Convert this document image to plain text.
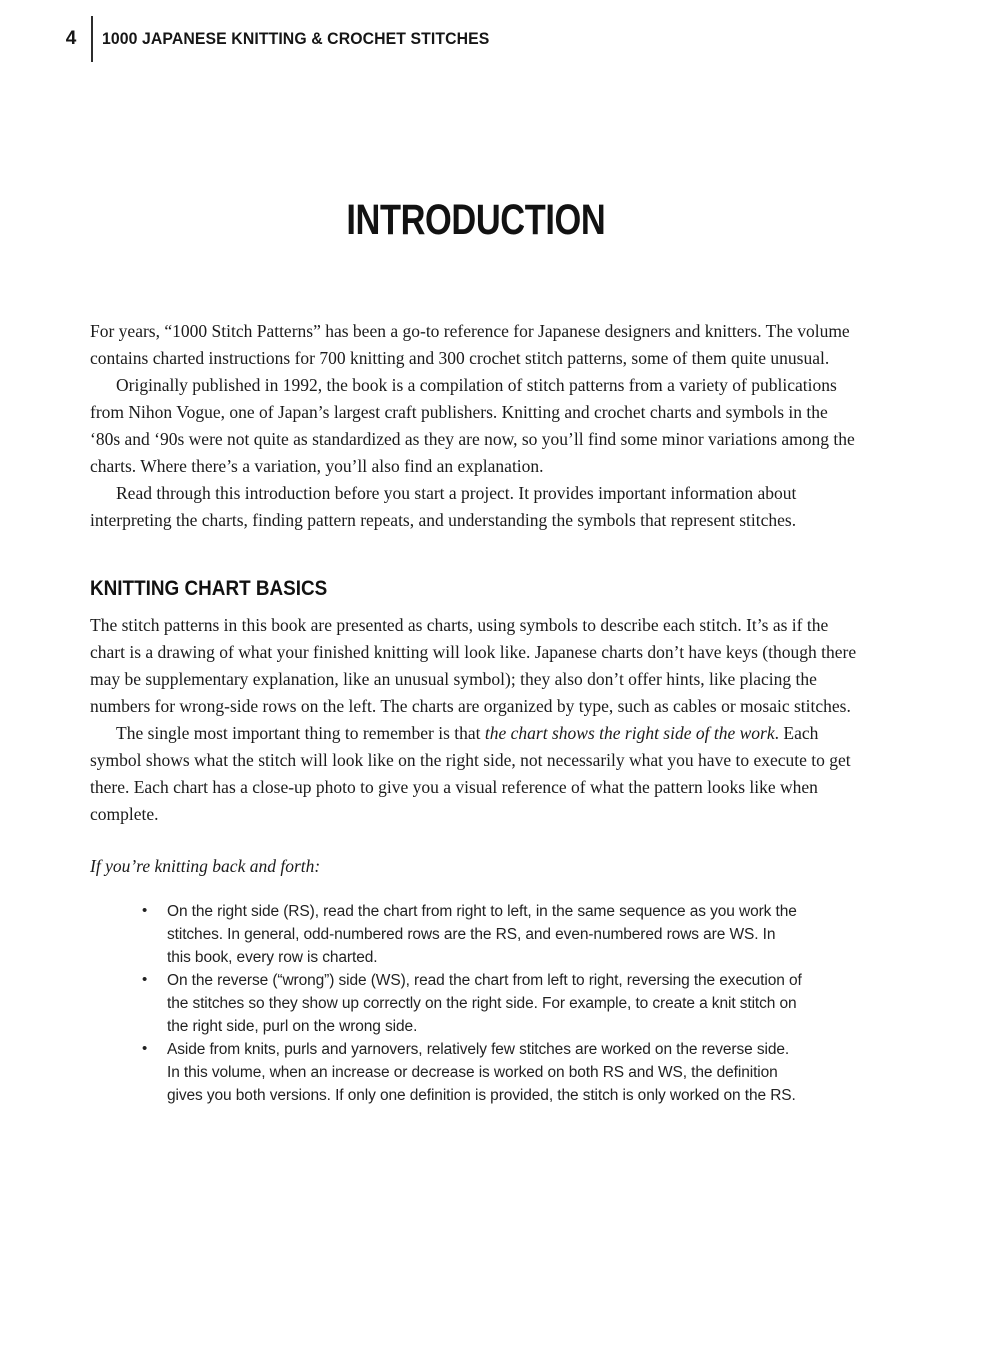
4	1000 JAPANESE KNITTING & CROCHET STITCHES
INTRODUCTION

For years, “1000 Stitch Patterns” has been a go-to reference for Japanese designers and knitters. The volume contains charted instructions for 700 knitting and 300 crochet stitch patterns, some of them quite unusual.

Originally published in 1992, the book is a compilation of stitch patterns from a variety of publications from Nihon Vogue, one of Japan’s largest craft publishers. Knitting and crochet charts and symbols in the ‘80s and ‘90s were not quite as standardized as they are now, so you’ll find some minor variations among the charts. Where there’s a variation, you’ll also find an explanation.

Read through this introduction before you start a project. It provides important information about interpreting the charts, finding pattern repeats, and understanding the symbols that represent stitches.

KNITTING CHART BASICS

The stitch patterns in this book are presented as charts, using symbols to describe each stitch. It’s as if the chart is a drawing of what your finished knitting will look like. Japanese charts don’t have keys (though there may be supplementary explanation, like an unusual symbol); they also don’t offer hints, like placing the numbers for wrong-side rows on the left. The charts are organized by type, such as cables or mosaic stitches.

The single most important thing to remember is that the chart shows the right side of the work. Each symbol shows what the stitch will look like on the right side, not necessarily what you have to execute to get there. Each chart has a close-up photo to give you a visual reference of what the pattern looks like when complete.

If you’re knitting back and forth:

• On the right side (RS), read the chart from right to left, in the same sequence as you work the stitches. In general, odd-numbered rows are the RS, and even-numbered rows are WS. In this book, every row is charted.
• On the reverse (“wrong”) side (WS), read the chart from left to right, reversing the execution of the stitches so they show up correctly on the right side. For example, to create a knit stitch on the right side, purl on the wrong side.
• Aside from knits, purls and yarnovers, relatively few stitches are worked on the reverse side. In this volume, when an increase or decrease is worked on both RS and WS, the definition gives you both versions. If only one definition is provided, the stitch is only worked on the RS.
